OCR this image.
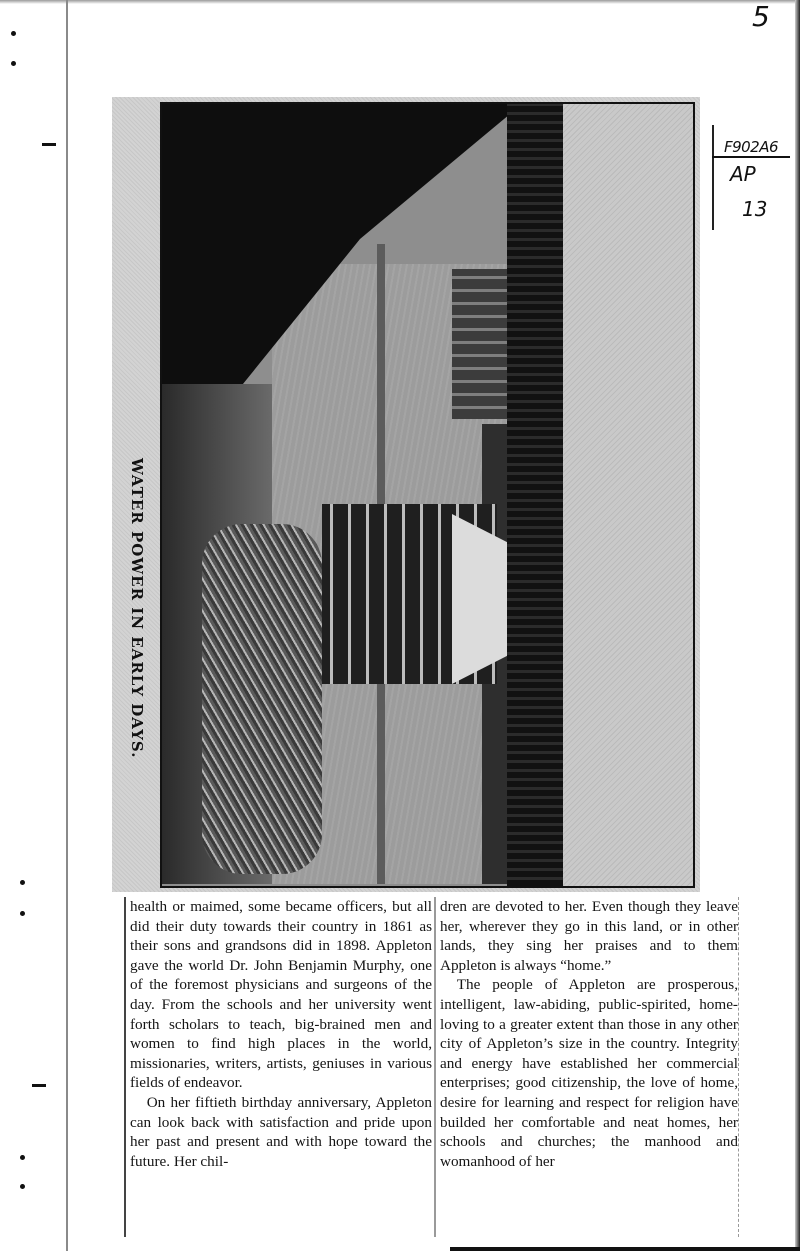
5
F902A6
AP
13
WATER POWER IN EARLY DAYS.

health or maimed, some became officers, but all did their duty towards their country in 1861 as their sons and grandsons did in 1898. Appleton gave the world Dr. John Benjamin Murphy, one of the foremost physicians and surgeons of the day. From the schools and her university went forth scholars to teach, big-brained men and women to find high places in the world, missionaries, writers, artists, geniuses in various fields of endeavor.

On her fiftieth birthday anniversary, Appleton can look back with satisfaction and pride upon her past and present and with hope toward the future. Her chil-

dren are devoted to her. Even though they leave her, wherever they go in this land, or in other lands, they sing her praises and to them Appleton is always “home.”

The people of Appleton are prosperous, intelligent, law-abiding, public-spirited, home-loving to a greater extent than those in any other city of Appleton’s size in the country. Integrity and energy have established her commercial enterprises; good citizenship, the love of home, desire for learning and respect for religion have builded her comfortable and neat homes, her schools and churches; the manhood and womanhood of her
